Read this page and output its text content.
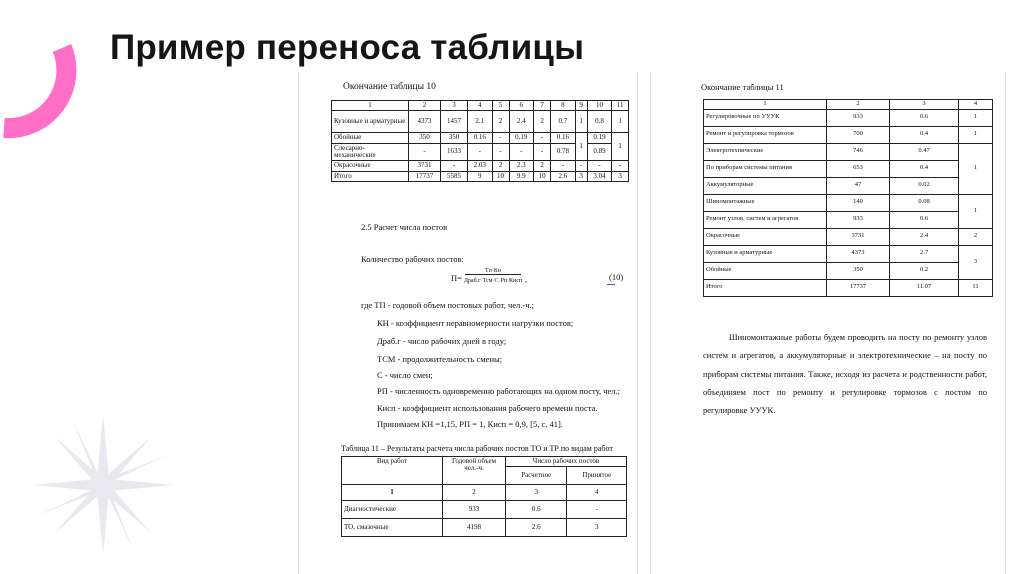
Пример переноса таблицы
Окончание таблицы 10
1	2	3	4	5	6	7	8	9	10	11
Кузовные и арматурные	4373	1457	2.1	2	2.4	2	0.7	1	0.8	1
Обойные	350	350	0.16	-	0.19	-	0.16	1	0.19	1
Слесарно-механические	-	1633	-	-	-	-	0.78		0.89	
Окрасочные	3731	-	2.03	2	2.3	2	-	-	-	-
Итого	17737	5585	9	10	9.9	10	2.6	3	3.04	3
2.5 Расчет числа постов
Количество рабочих постов:
П=
Tп·Кн
Драб.г·Тсм·С·Рп·Кисп ,	(10)
где ТП - годовой объем постовых работ, чел.-ч.;
КН - коэффициент неравномерности нагрузки постов;
Драб.г - число рабочих дней в году;
ТСМ - продолжительность смены;
С - число смен;
РП - численность одновременно работающих на одном посту, чел.;
Кисп - коэффициент использования рабочего времени поста.
Принимаем КН =1,15, РП = 1, Кисп = 0,9, [5, с. 41].
Таблица 11 – Результаты расчета числа рабочих постов ТО и ТР по видам работ
Вид работ	Годовой объем чел.-ч.	Число рабочих постов	
		Расчетное	Принятое
1	2	3	4
Диагностические	933	0.6	-
ТО, смазочные	4198	2.6	3
Окончание таблицы 11
1	2	3	4
Регулировочные по УУУК	933	0.6	1
Ремонт и регулировка тормозов	700	0.4	1
Электротехнические	746	0.47	1
По приборам системы питания	653	0.4	
Аккумуляторные	47	0.02	
Шиномонтажные	140	0.08	1
Ремонт узлов, систем и агрегатов	933	0.6	
Окрасочные	3731	2.4	2
Кузовные и арматурные	4373	2.7	3
Обойные	350	0.2	
Итого	17737	11.07	11
Шиномонтажные работы будем проводить на посту по ремонту узлов систем и агрегатов, а аккумуляторные и электротехнические – на посту по приборам системы питания. Также, исходя из расчета и родственности работ, объединяем пост по ремонту и регулировке тормозов с постом по регулировке УУУК.
